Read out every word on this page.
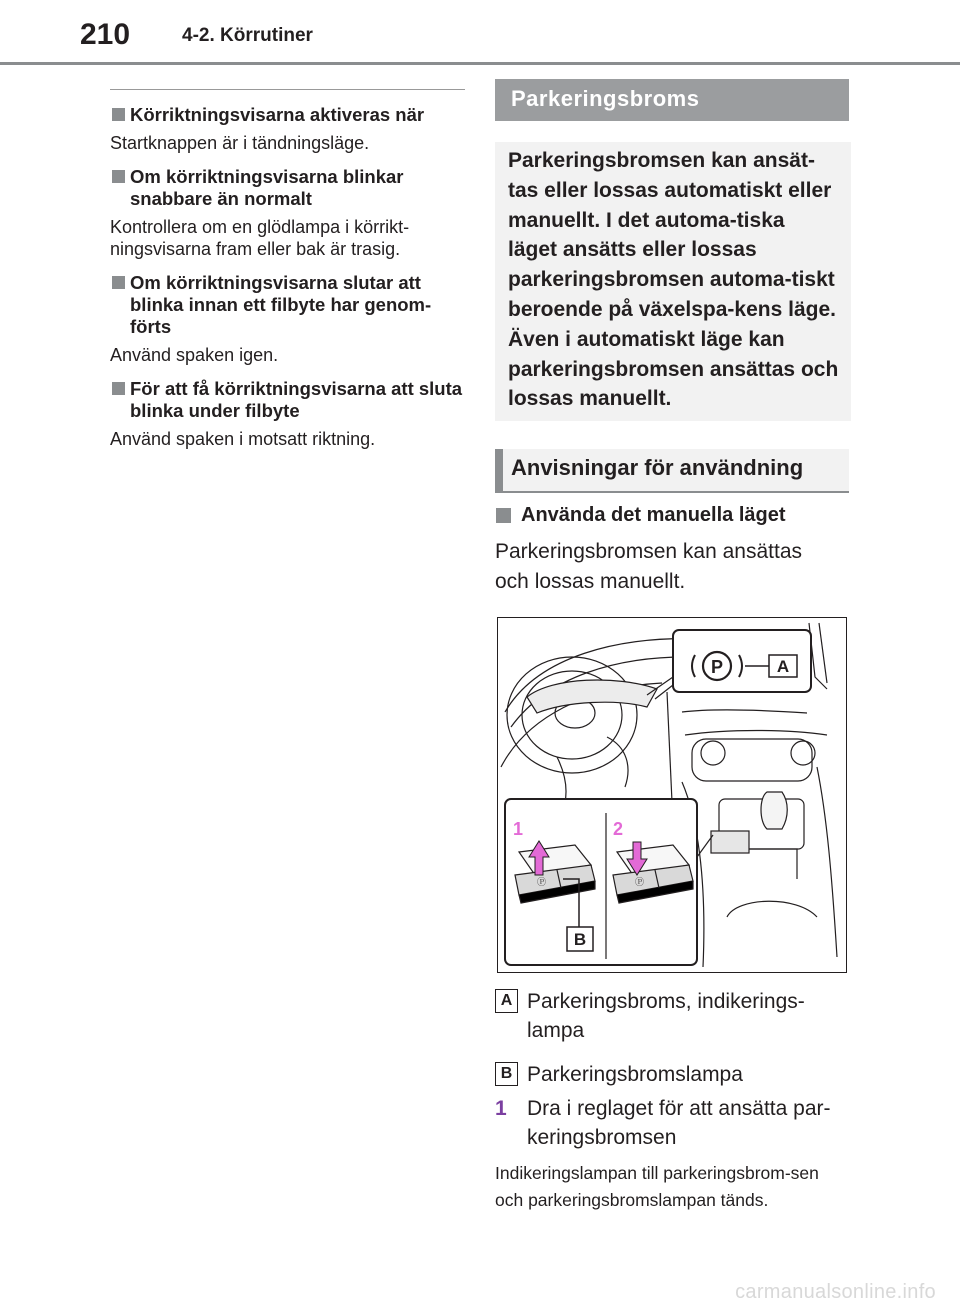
210	4-2. Körrutiner
Körriktningsvisarna aktiveras när
Startknappen är i tändningsläge.
Om körriktningsvisarna blinkar snabbare än normalt
Kontrollera om en glödlampa i körrikt-ningsvisarna fram eller bak är trasig.
Om körriktningsvisarna slutar att blinka innan ett filbyte har genom-förts
Använd spaken igen.
För att få körriktningsvisarna att sluta blinka under filbyte
Använd spaken i motsatt riktning.
Parkeringsbroms
Parkeringsbromsen kan ansät-tas eller lossas automatiskt eller manuellt. I det automa-tiska läget ansätts eller lossas parkeringsbromsen automa-tiskt beroende på växelspa-kens läge. Även i automatiskt läge kan parkeringsbromsen ansättas och lossas manuellt.
Anvisningar för användning
Använda det manuella läget
Parkeringsbromsen kan ansättas och lossas manuellt.
P	A
Ⓟ	Ⓟ
1	2
B
A Parkeringsbroms, indikerings-lampa
B Parkeringsbromslampa
1 Dra i reglaget för att ansätta par-keringsbromsen
Indikeringslampan till parkeringsbrom-sen och parkeringsbromslampan tänds.
carmanualsonline.info
